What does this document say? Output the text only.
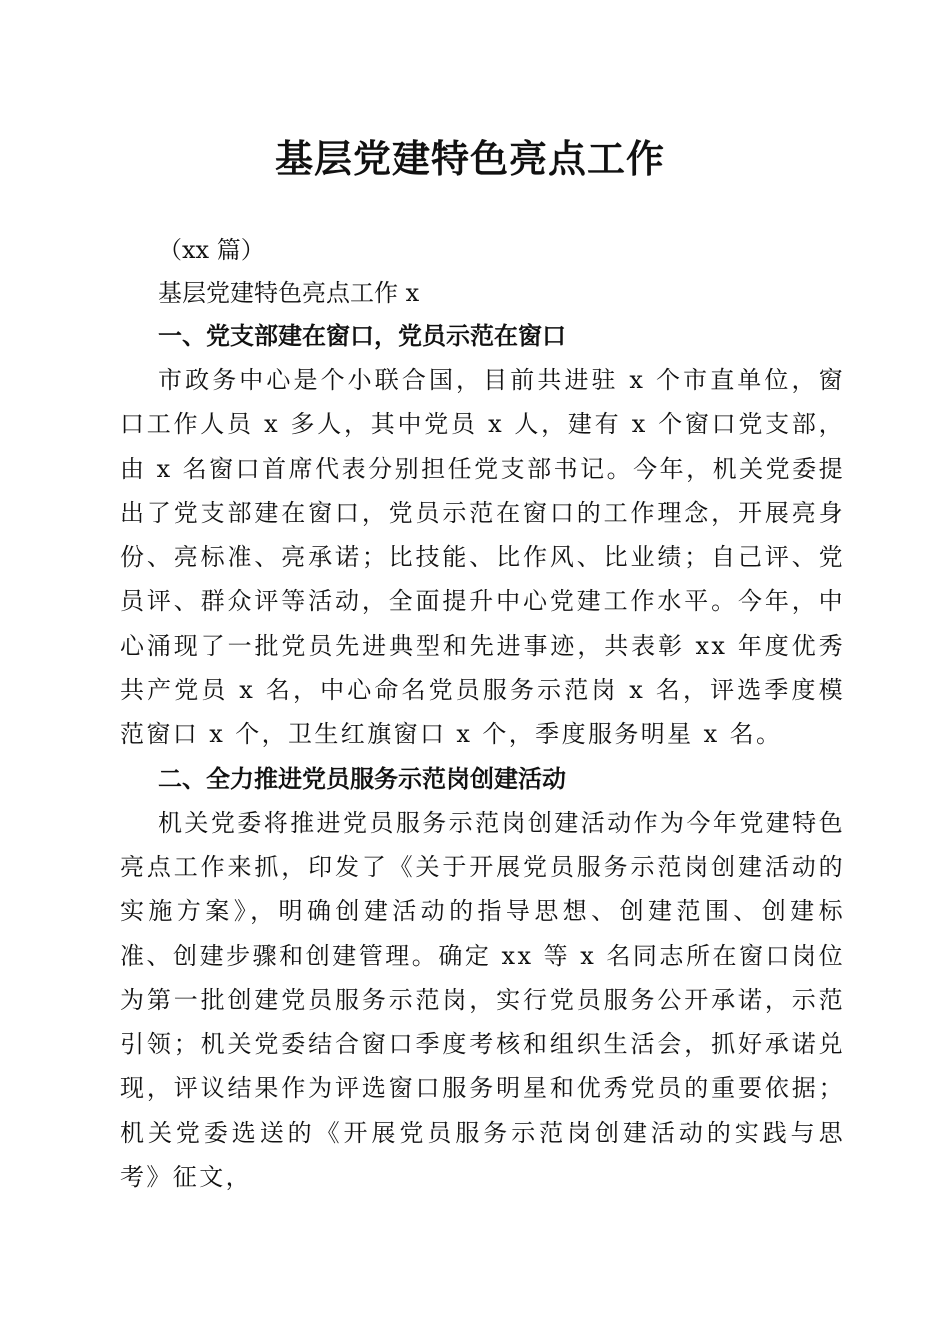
基层党建特色亮点工作

（xx 篇）

基层党建特色亮点工作 x

一、党支部建在窗口，党员示范在窗口

市政务中心是个小联合国，目前共进驻 x 个市直单位，窗口工作人员 x 多人，其中党员 x 人，建有 x 个窗口党支部，由 x 名窗口首席代表分别担任党支部书记。今年，机关党委提出了党支部建在窗口，党员示范在窗口的工作理念，开展亮身份、亮标准、亮承诺；比技能、比作风、比业绩；自己评、党员评、群众评等活动，全面提升中心党建工作水平。今年，中心涌现了一批党员先进典型和先进事迹，共表彰 xx 年度优秀共产党员 x 名，中心命名党员服务示范岗 x 名，评选季度模范窗口 x 个，卫生红旗窗口 x 个，季度服务明星 x 名。

二、全力推进党员服务示范岗创建活动

机关党委将推进党员服务示范岗创建活动作为今年党建特色亮点工作来抓，印发了《关于开展党员服务示范岗创建活动的实施方案》，明确创建活动的指导思想、创建范围、创建标准、创建步骤和创建管理。确定 xx 等 x 名同志所在窗口岗位为第一批创建党员服务示范岗，实行党员服务公开承诺，示范引领；机关党委结合窗口季度考核和组织生活会，抓好承诺兑现，评议结果作为评选窗口服务明星和优秀党员的重要依据；机关党委选送的《开展党员服务示范岗创建活动的实践与思考》征文，
